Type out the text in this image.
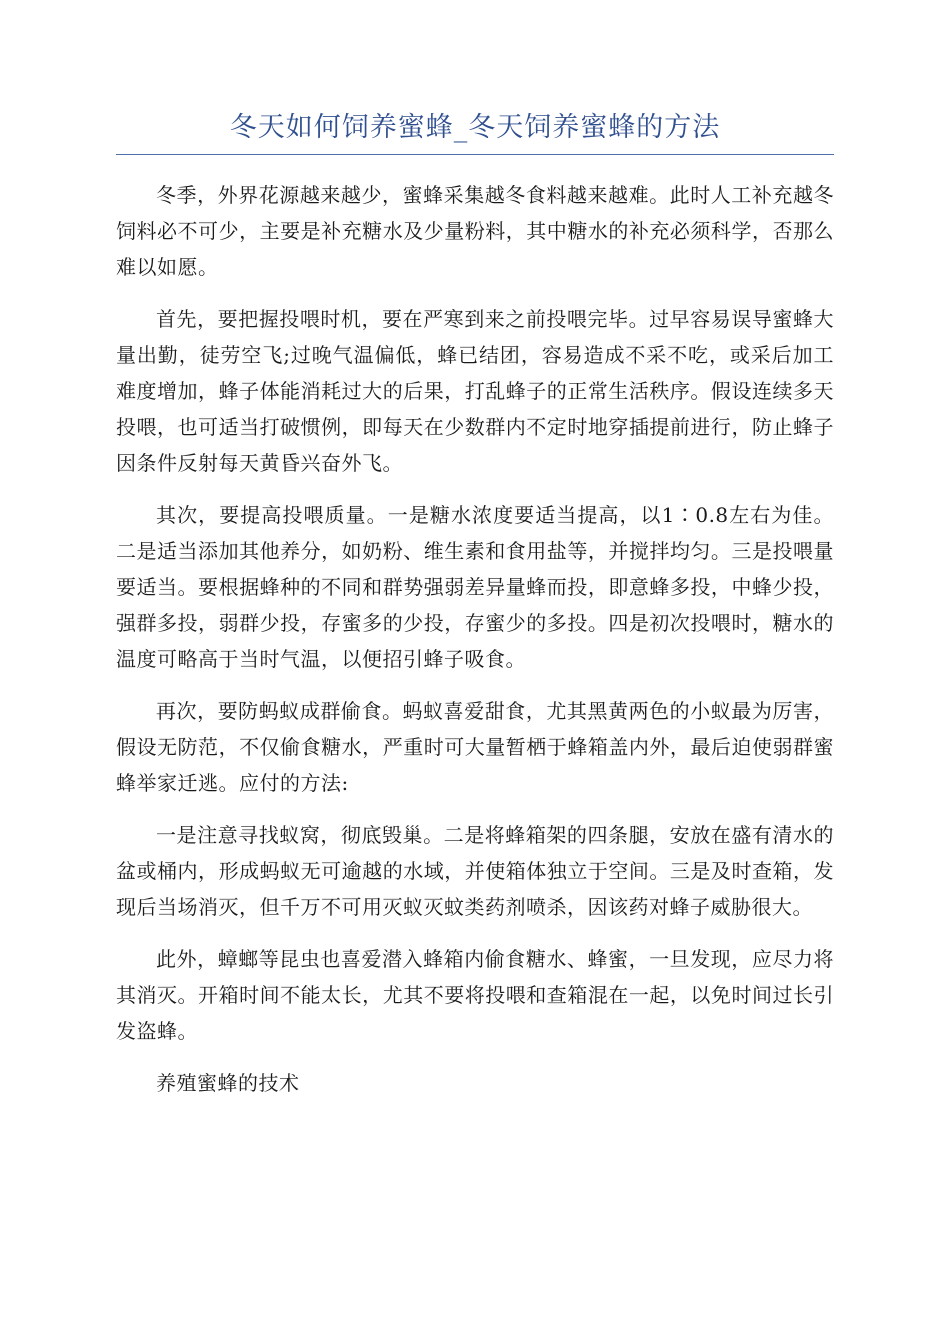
冬天如何饲养蜜蜂_冬天饲养蜜蜂的方法

冬季，外界花源越来越少，蜜蜂采集越冬食料越来越难。此时人工补充越冬饲料必不可少，主要是补充糖水及少量粉料，其中糖水的补充必须科学，否那么难以如愿。

首先，要把握投喂时机，要在严寒到来之前投喂完毕。过早容易误导蜜蜂大量出勤，徒劳空飞;过晚气温偏低，蜂已结团，容易造成不采不吃，或采后加工难度增加，蜂子体能消耗过大的后果，打乱蜂子的正常生活秩序。假设连续多天投喂，也可适当打破惯例，即每天在少数群内不定时地穿插提前进行，防止蜂子因条件反射每天黄昏兴奋外飞。

其次，要提高投喂质量。一是糖水浓度要适当提高，以1∶0.8左右为佳。二是适当添加其他养分，如奶粉、维生素和食用盐等，并搅拌均匀。三是投喂量要适当。要根据蜂种的不同和群势强弱差异量蜂而投，即意蜂多投，中蜂少投，强群多投，弱群少投，存蜜多的少投，存蜜少的多投。四是初次投喂时，糖水的温度可略高于当时气温，以便招引蜂子吸食。

再次，要防蚂蚁成群偷食。蚂蚁喜爱甜食，尤其黑黄两色的小蚁最为厉害，假设无防范，不仅偷食糖水，严重时可大量暂栖于蜂箱盖内外，最后迫使弱群蜜蜂举家迁逃。应付的方法:

一是注意寻找蚁窝，彻底毁巢。二是将蜂箱架的四条腿，安放在盛有清水的盆或桶内，形成蚂蚁无可逾越的水域，并使箱体独立于空间。三是及时查箱，发现后当场消灭，但千万不可用灭蚁灭蚊类药剂喷杀，因该药对蜂子威胁很大。

此外，蟑螂等昆虫也喜爱潜入蜂箱内偷食糖水、蜂蜜，一旦发现，应尽力将其消灭。开箱时间不能太长，尤其不要将投喂和查箱混在一起，以免时间过长引发盗蜂。

养殖蜜蜂的技术
